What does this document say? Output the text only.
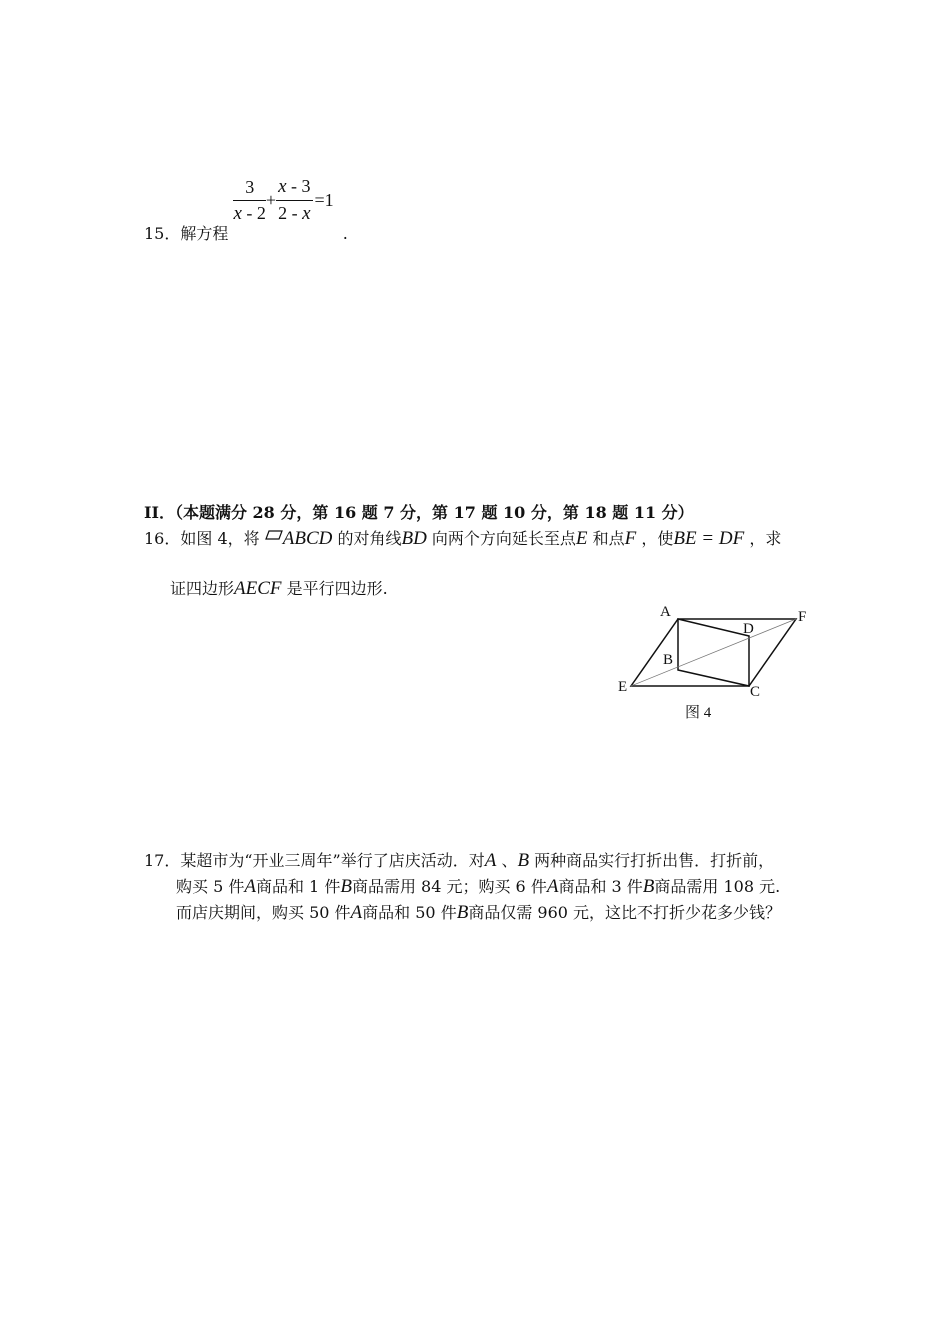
15．解方程
$\frac{3}{x - 2} + \frac{x - 3}{2 - x} =1$ .
II．（本题满分 28 分，第 16 题 7 分，第 17 题 10 分，第 18 题 11 分）
16．如图 4，将 ABCD 的对角线BD 向两个方向延长至点E 和点F ，使BE = DF ，求
证四边形AECF 是平行四边形.
A	F
D
B
E	C
图 4
17．某超市为“开业三周年”举行了店庆活动．对A 、B 两种商品实行打折出售．打折前，
购买 5 件A商品和 1 件B商品需用 84 元；购买 6 件A商品和 3 件B商品需用 108 元.
而店庆期间，购买 50 件A商品和 50 件B商品仅需 960 元，这比不打折少花多少钱？
